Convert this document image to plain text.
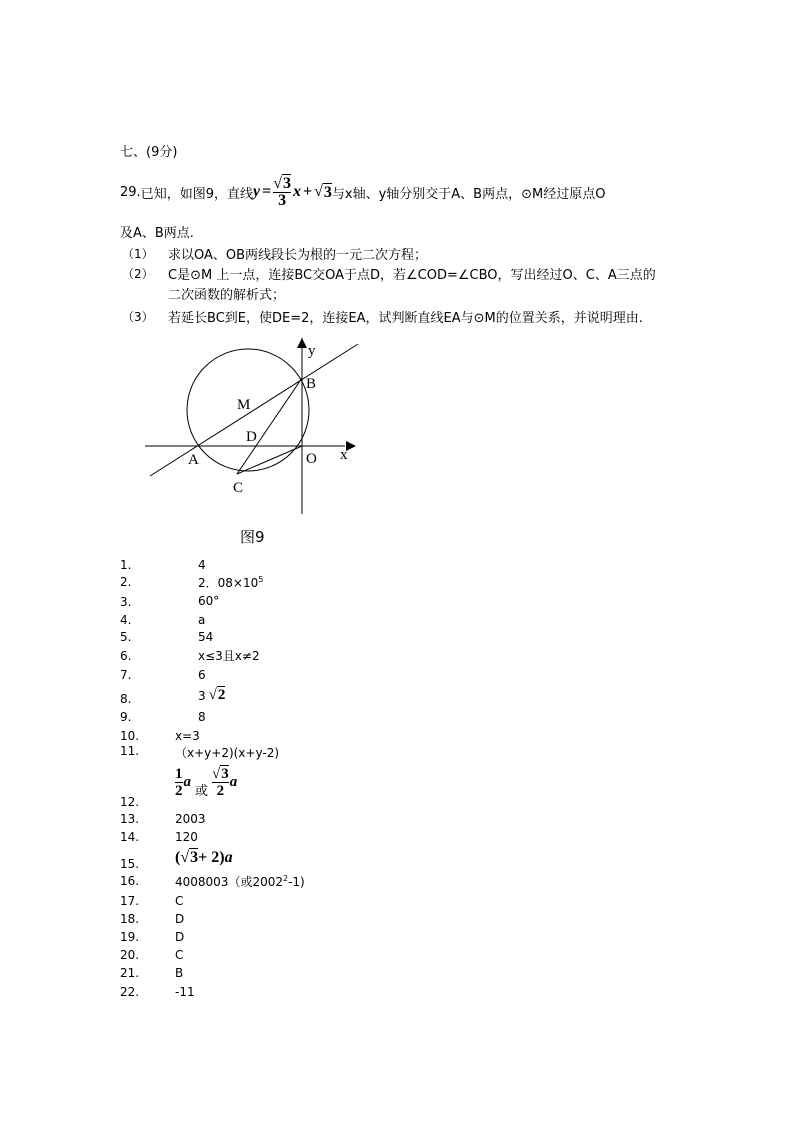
七、(9分)
29. 已知，如图9，直线 $y = \frac{√3}{3}$ x + √ 3 与x轴、y轴分别交于A、B两点，⊙M经过原点O
及A、B两点.
（1） 求以OA、OB两线段长为根的一元二次方程；
（2） C是⊙M 上一点，连接BC交OA于点D，若∠COD=∠CBO，写出经过O、C、A三点的
二次函数的解析式；
（3） 若延长BC到E，使DE=2，连接EA，试判断直线EA与⊙M的位置关系，并说明理由.
y
B
M
D
A	O x
C
图9
1.	4
2.	2．$08\times 10^5$
3.	60°
4.	a
5.	54
6.	x≤3且x≠2
7.	6
8.	3 √2
9.	8
10.	x=3
11.	（x+y+2)(x+y-2)
12.
$\frac{1}{2}$ a
或 $\frac{√3}{2}$ a
13.	2003
14.	120
15. (√3+ 2)a
16.	4008003（或2002$^2$-1)
17.	C
18.	D
19.	D
20.	C
21.	B
22.	-11
